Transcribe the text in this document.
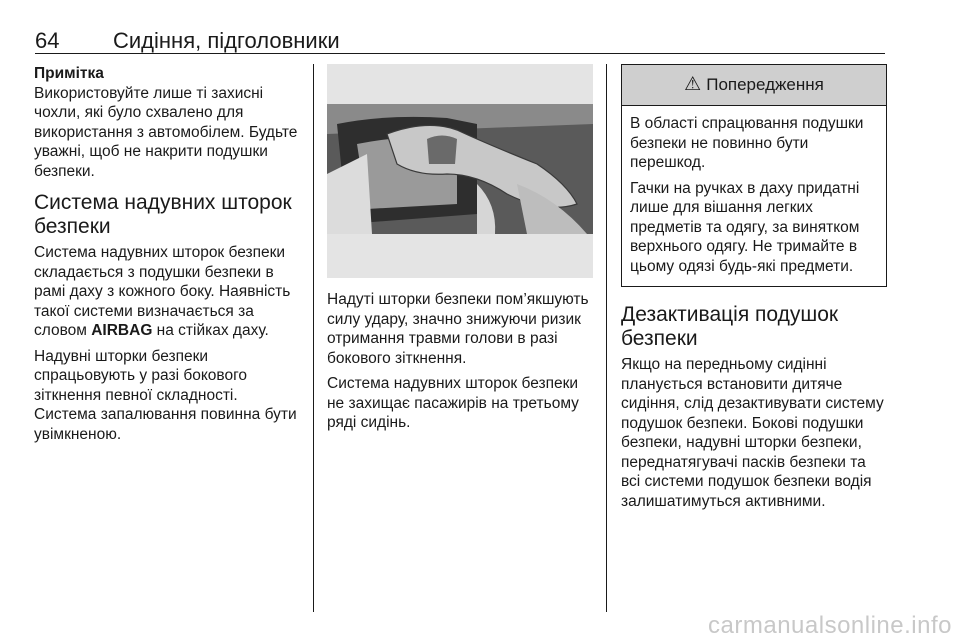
64 Сидіння, підголовники

Примітка

Використовуйте лише ті захисні чохли, які було схвалено для використання з автомобілем. Будьте уважні, щоб не накрити подушки безпеки.

Система надувних шторок безпеки

Система надувних шторок безпеки складається з подушки безпеки в рамі даху з кожного боку. Наявність такої системи визначається за словом AIRBAG на стійках даху.

Надувні шторки безпеки спрацьовують у разі бокового зіткнення певної складності. Система запалювання повинна бути увімкненою.

Надуті шторки безпеки пом’якшують силу удару, значно знижуючи ризик отримання травми голови в разі бокового зіткнення.

Система надувних шторок безпеки не захищає пасажирів на третьому ряді сидінь.

⚠ Попередження

В області спрацювання подушки безпеки не повинно бути перешкод.

Гачки на ручках в даху придатні лише для вішання легких предметів та одягу, за винятком верхнього одягу. Не тримайте в цьому одязі будь-які предмети.

Дезактивація подушок безпеки

Якщо на передньому сидінні планується встановити дитяче сидіння, слід дезактивувати систему подушок безпеки. Бокові подушки безпеки, надувні шторки безпеки, переднатягувачі пасків безпеки та всі системи подушок безпеки водія залишатимуться активними.

carmanualsonline.info
